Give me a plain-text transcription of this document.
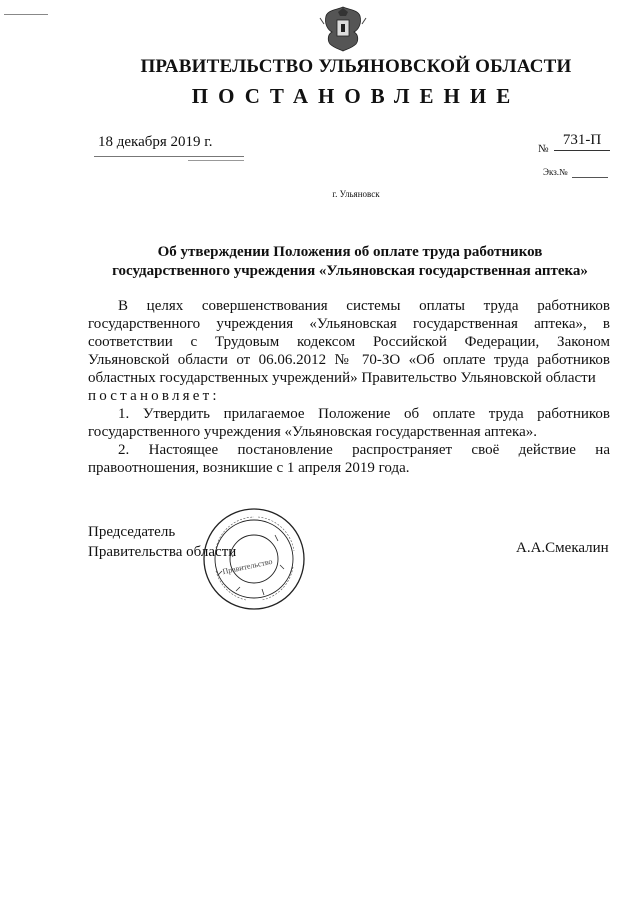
ПРАВИТЕЛЬСТВО УЛЬЯНОВСКОЙ ОБЛАСТИ
ПОСТАНОВЛЕНИЕ
18 декабря 2019 г.	№
731-П
Экз.№
г. Ульяновск
Об утверждении Положения об оплате труда работников
государственного учреждения «Ульяновская государственная аптека»

В целях совершенствования системы оплаты труда работников государственного учреждения «Ульяновская государственная аптека», в соответствии с Трудовым кодексом Российской Федерации, Законом Ульяновской области от 06.06.2012 № 70-ЗО «Об оплате труда работников областных государственных учреждений» Правительство Ульяновской области

постановляет:

1. Утвердить прилагаемое Положение об оплате труда работников государственного учреждения «Ульяновская государственная аптека».

2. Настоящее постановление распространяет своё действие на правоотношения, возникшие с 1 апреля 2019 года.

Правительство
Председатель
Правительства области	А.А.Смекалин
